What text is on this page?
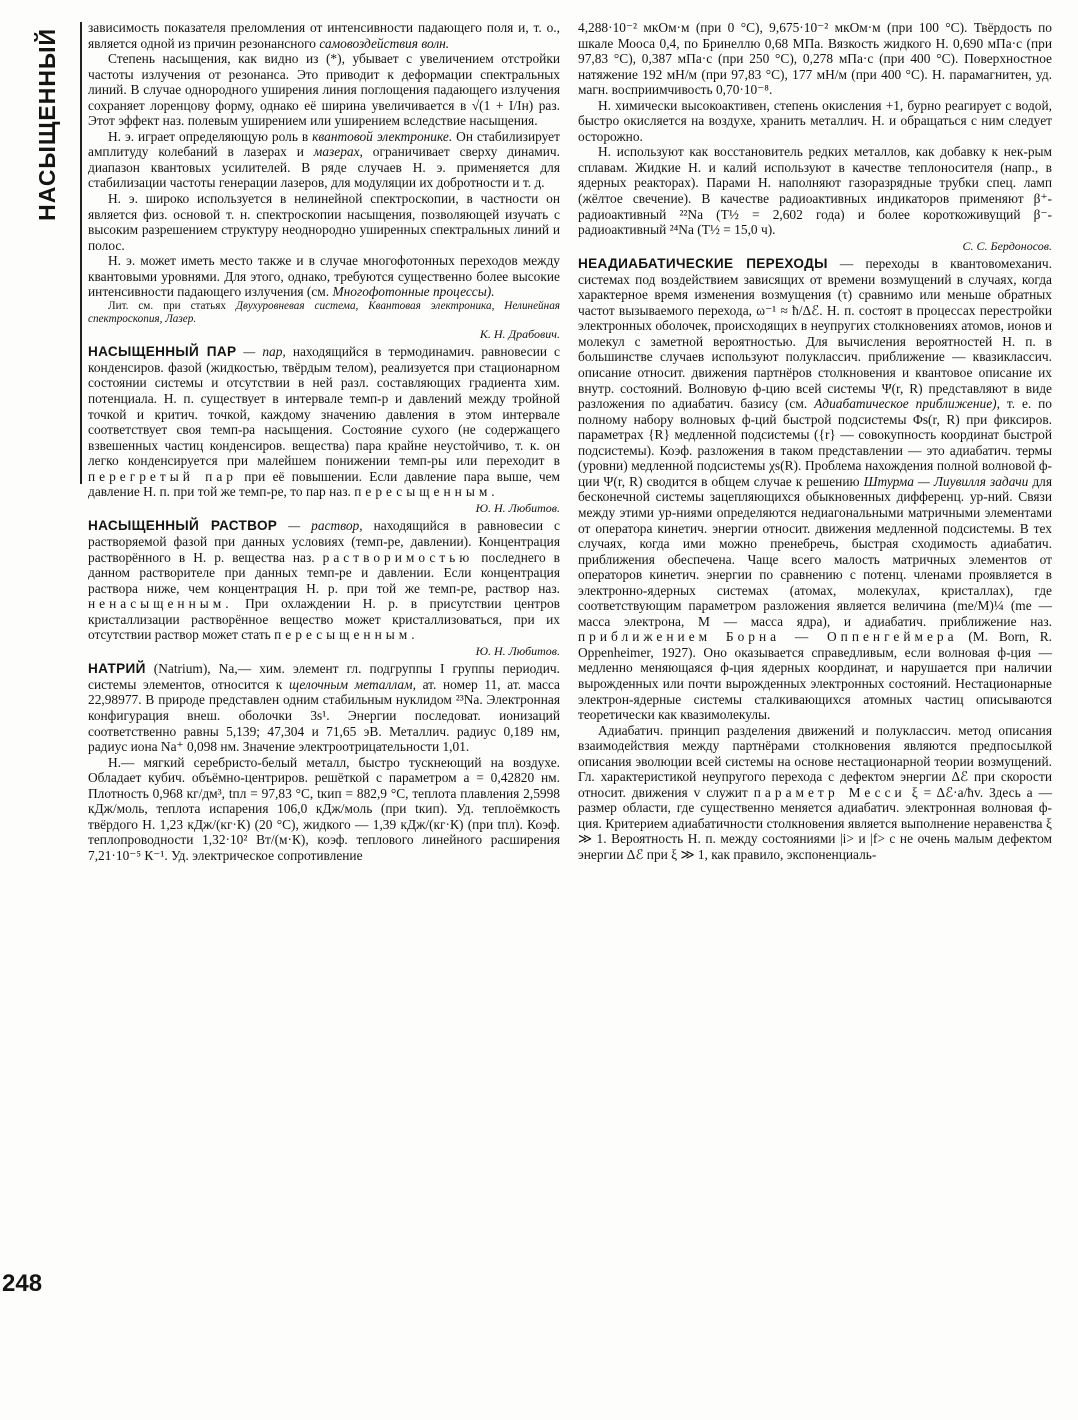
НАСЫЩЕННЫЙ
248

зависимость показателя преломления от интенсивности падающего поля и, т. о., является одной из причин резонансного самовоздействия волн.

Степень насыщения, как видно из (*), убывает с увеличением отстройки частоты излучения от резонанса. Это приводит к деформации спектральных линий. В случае однородного уширения линия поглощения падающего излучения сохраняет лоренцову форму, однако её ширина увеличивается в √(1 + I/Iн) раз. Этот эффект наз. полевым уширением или уширением вследствие насыщения.

Н. э. играет определяющую роль в квантовой электронике. Он стабилизирует амплитуду колебаний в лазерах и мазерах, ограничивает сверху динамич. диапазон квантовых усилителей. В ряде случаев Н. э. применяется для стабилизации частоты генерации лазеров, для модуляции их добротности и т. д.

Н. э. широко используется в нелинейной спектроскопии, в частности он является физ. основой т. н. спектроскопии насыщения, позволяющей изучать с высоким разрешением структуру неоднородно уширенных спектральных линий и полос.

Н. э. может иметь место также и в случае многофотонных переходов между квантовыми уровнями. Для этого, однако, требуются существенно более высокие интенсивности падающего излучения (см. Многофотонные процессы).

Лит. см. при статьях Двухуровневая система, Квантовая электроника, Нелинейная спектроскопия, Лазер.

К. Н. Драбович.

НАСЫЩЕННЫЙ ПАР — пар, находящийся в термодинамич. равновесии с конденсиров. фазой (жидкостью, твёрдым телом), реализуется при стационарном состоянии системы и отсутствии в ней разл. составляющих градиента хим. потенциала. Н. п. существует в интервале темп-р и давлений между тройной точкой и критич. точкой, каждому значению давления в этом интервале соответствует своя темп-ра насыщения. Состояние сухого (не содержащего взвешенных частиц конденсиров. вещества) пара крайне неустойчиво, т. к. он легко конденсируется при малейшем понижении темп-ры или переходит в перегретый пар при её повышении. Если давление пара выше, чем давление Н. п. при той же темп-ре, то пар наз. пересыщенным.

Ю. Н. Любитов.

НАСЫЩЕННЫЙ РАСТВОР — раствор, находящийся в равновесии с растворяемой фазой при данных условиях (темп-ре, давлении). Концентрация растворённого в Н. р. вещества наз. растворимостью последнего в данном растворителе при данных темп-ре и давлении. Если концентрация раствора ниже, чем концентрация Н. р. при той же темп-ре, раствор наз. ненасыщенным. При охлаждении Н. р. в присутствии центров кристаллизации растворённое вещество может кристаллизоваться, при их отсутствии раствор может стать пересыщенным.

Ю. Н. Любитов.

НАТРИЙ (Natrium), Na,— хим. элемент гл. подгруппы I группы периодич. системы элементов, относится к щелочным металлам, ат. номер 11, ат. масса 22,98977. В природе представлен одним стабильным нуклидом ²³Na. Электронная конфигурация внеш. оболочки 3s¹. Энергии последоват. ионизаций соответственно равны 5,139; 47,304 и 71,65 эВ. Металлич. радиус 0,189 нм, радиус иона Na⁺ 0,098 нм. Значение электроотрицательности 1,01.

Н.— мягкий серебристо-белый металл, быстро тускнеющий на воздухе. Обладает кубич. объёмно-центриров. решёткой с параметром a = 0,42820 нм. Плотность 0,968 кг/дм³, tпл = 97,83 °С, tкип = 882,9 °С, теплота плавления 2,5998 кДж/моль, теплота испарения 106,0 кДж/моль (при tкип). Уд. теплоёмкость твёрдого Н. 1,23 кДж/(кг·К) (20 °С), жидкого — 1,39 кДж/(кг·К) (при tпл). Коэф. теплопроводности 1,32·10² Вт/(м·К), коэф. теплового линейного расширения 7,21·10⁻⁵ К⁻¹. Уд. электрическое сопротивление

4,288·10⁻² мкОм·м (при 0 °С), 9,675·10⁻² мкОм·м (при 100 °С). Твёрдость по шкале Мооса 0,4, по Бринеллю 0,68 МПа. Вязкость жидкого Н. 0,690 мПа·с (при 97,83 °С), 0,387 мПа·с (при 250 °С), 0,278 мПа·с (при 400 °С). Поверхностное натяжение 192 мН/м (при 97,83 °С), 177 мН/м (при 400 °С). Н. парамагнитен, уд. магн. восприимчивость 0,70·10⁻⁸.

Н. химически высокоактивен, степень окисления +1, бурно реагирует с водой, быстро окисляется на воздухе, хранить металлич. Н. и обращаться с ним следует осторожно.

Н. используют как восстановитель редких металлов, как добавку к нек-рым сплавам. Жидкие Н. и калий используют в качестве теплоносителя (напр., в ядерных реакторах). Парами Н. наполняют газоразрядные трубки спец. ламп (жёлтое свечение). В качестве радиоактивных индикаторов применяют β⁺-радиоактивный ²²Na (T½ = 2,602 года) и более короткоживущий β⁻-радиоактивный ²⁴Na (T½ = 15,0 ч).

С. С. Бердоносов.

НЕАДИАБАТИЧЕСКИЕ ПЕРЕХОДЫ — переходы в квантовомеханич. системах под воздействием зависящих от времени возмущений в случаях, когда характерное время изменения возмущения (τ) сравнимо или меньше обратных частот вызываемого перехода, ω⁻¹ ≈ ħ/Δℰ. Н. п. состоят в процессах перестройки электронных оболочек, происходящих в неупругих столкновениях атомов, ионов и молекул с заметной вероятностью. Для вычисления вероятностей Н. п. в большинстве случаев используют полуклассич. приближение — квазиклассич. описание относит. движения партнёров столкновения и квантовое описание их внутр. состояний. Волновую ф-цию всей системы Ψ(r, R) представляют в виде разложения по адиабатич. базису (см. Адиабатическое приближение), т. е. по полному набору волновых ф-ций быстрой подсистемы Φs(r, R) при фиксиров. параметрах {R} медленной подсистемы ({r} — совокупность координат быстрой подсистемы). Коэф. разложения в таком представлении — это адиабатич. термы (уровни) медленной подсистемы χs(R). Проблема нахождения полной волновой ф-ции Ψ(r, R) сводится в общем случае к решению Штурма — Лиувилля задачи для бесконечной системы зацепляющихся обыкновенных дифференц. ур-ний. Связи между этими ур-ниями определяются недиагональными матричными элементами от оператора кинетич. энергии относит. движения медленной подсистемы. В тех случаях, когда ими можно пренебречь, быстрая сходимость адиабатич. приближения обеспечена. Чаще всего малость матричных элементов от операторов кинетич. энергии по сравнению с потенц. членами проявляется в электронно-ядерных системах (атомах, молекулах, кристаллах), где соответствующим параметром разложения является величина (me/M)¼ (me — масса электрона, M — масса ядра), и адиабатич. приближение наз. приближением Борна — Оппенгеймера (M. Born, R. Oppenheimer, 1927). Оно оказывается справедливым, если волновая ф-ция — медленно меняющаяся ф-ция ядерных координат, и нарушается при наличии вырожденных или почти вырожденных электронных состояний. Нестационарные электрон-ядерные системы сталкивающихся атомных частиц описываются теоретически как квазимолекулы.

Адиабатич. принцип разделения движений и полуклассич. метод описания взаимодействия между партнёрами столкновения являются предпосылкой описания эволюции всей системы на основе нестационарной теории возмущений. Гл. характеристикой неупругого перехода с дефектом энергии Δℰ при скорости относит. движения v служит параметр Месси ξ = Δℰ·a/ħv. Здесь a — размер области, где существенно меняется адиабатич. электронная волновая ф-ция. Критерием адиабатичности столкновения является выполнение неравенства ξ ≫ 1. Вероятность Н. п. между состояниями |i> и |f> с не очень малым дефектом энергии Δℰ при ξ ≫ 1, как правило, экспоненциаль-
